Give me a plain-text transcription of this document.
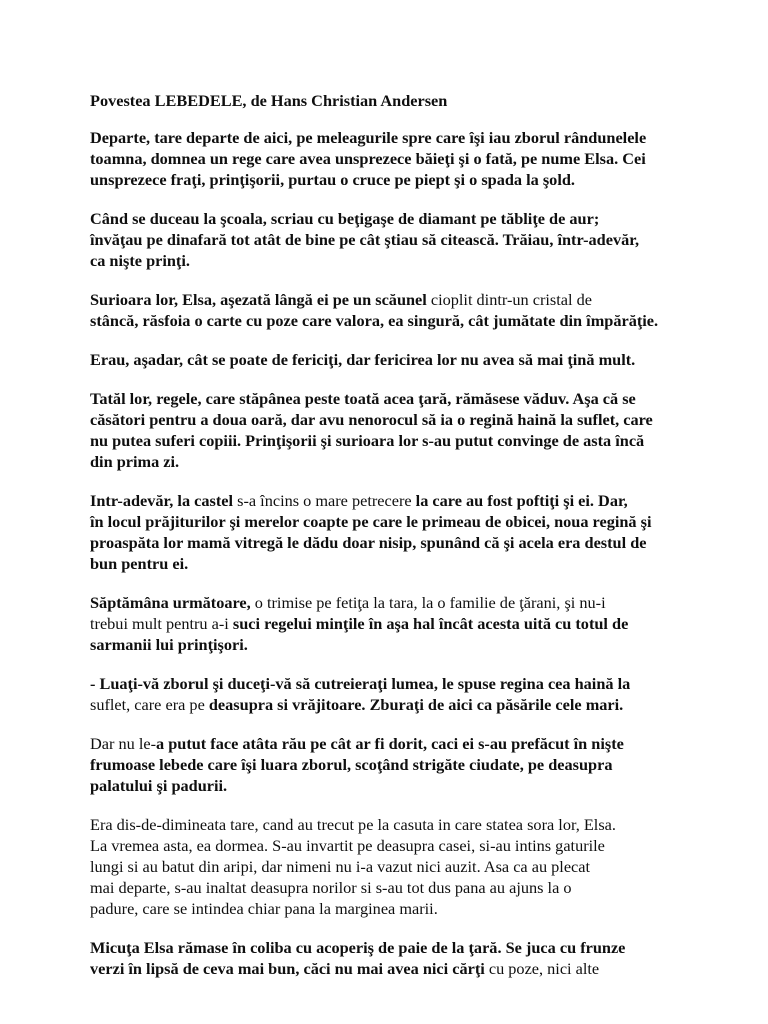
Povestea LEBEDELE, de Hans Christian Andersen
Departe, tare departe de aici, pe meleagurile spre care îşi iau zborul rândunelele
toamna, domnea un rege care avea unsprezece băieţi şi o fată, pe nume Elsa. Cei
unsprezece fraţi, prinţişorii, purtau o cruce pe piept şi o spada la şold.
Când se duceau la şcoala, scriau cu beţigaşe de diamant pe tăbliţe de aur;
învăţau pe dinafară tot atât de bine pe cât ştiau să citească. Trăiau, într-adevăr,
ca nişte prinţi.
Surioara lor, Elsa, aşezată lângă ei pe un scăunel cioplit dintr-un cristal de
stâncă, răsfoia o carte cu poze care valora, ea singură, cât jumătate din împărăţie.
Erau, aşadar, cât se poate de fericiţi, dar fericirea lor nu avea să mai ţină mult.
Tatăl lor, regele, care stăpânea peste toată acea ţară, rămăsese văduv. Aşa că se
căsători pentru a doua oară, dar avu nenorocul să ia o regină haină la suflet, care
nu putea suferi copiii. Prinţişorii şi surioara lor s-au putut convinge de asta încă
din prima zi.
Intr-adevăr, la castel s-a încins o mare petrecere la care au fost poftiţi şi ei. Dar,
în locul prăjiturilor şi merelor coapte pe care le primeau de obicei, noua regină şi
proaspăta lor mamă vitregă le dădu doar nisip, spunând că şi acela era destul de
bun pentru ei.
Săptămâna următoare, o trimise pe fetiţa la tara, la o familie de ţărani, şi nu-i
trebui mult pentru a-i suci regelui minţile în aşa hal încât acesta uită cu totul de
sarmanii lui prinţişori.
- Luaţi-vă zborul şi duceţi-vă să cutreieraţi lumea, le spuse regina cea haină la
suflet, care era pe deasupra si vrăjitoare. Zburaţi de aici ca păsările cele mari.
Dar nu le-a putut face atâta rău pe cât ar fi dorit, caci ei s-au prefăcut în nişte
frumoase lebede care îşi luara zborul, scoţând strigăte ciudate, pe deasupra
palatului şi padurii.
Era dis-de-dimineata tare, cand au trecut pe la casuta in care statea sora lor, Elsa.
La vremea asta, ea dormea. S-au invartit pe deasupra casei, si-au intins gaturile
lungi si au batut din aripi, dar nimeni nu i-a vazut nici auzit. Asa ca au plecat
mai departe, s-au inaltat deasupra norilor si s-au tot dus pana au ajuns la o
padure, care se intindea chiar pana la marginea marii.
Micuţa Elsa rămase în coliba cu acoperiş de paie de la ţară. Se juca cu frunze
verzi în lipsă de ceva mai bun, căci nu mai avea nici cărţi cu poze, nici alte
